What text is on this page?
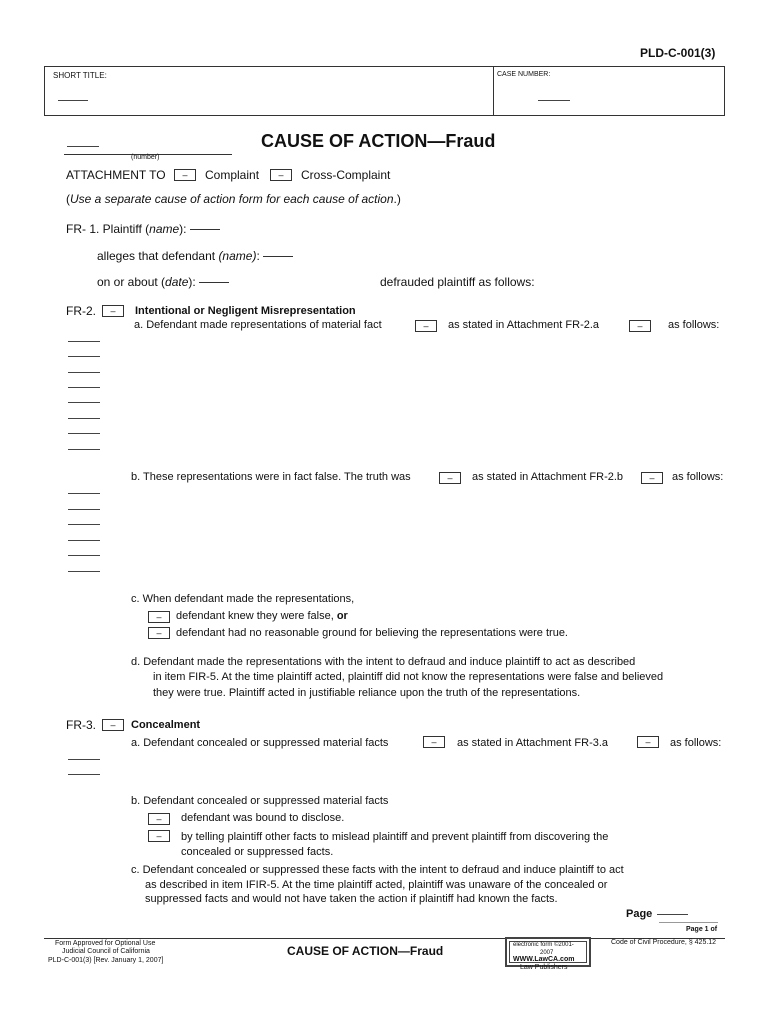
PLD-C-001(3)
SHORT TITLE:	CASE NUMBER:
(number)
CAUSE OF ACTION—Fraud
ATTACHMENT TO –	Complaint –	Cross-Complaint
(Use a separate cause of action form for each cause of action.)
FR- 1. Plaintiff (name):
alleges that defendant (name):
on or about (date):	defrauded plaintiff as follows:
FR-2. –	Intentional or Negligent Misrepresentation
a. Defendant made representations of material fact –	as stated in Attachment FR-2.a –	as follows:
b. These representations were in fact false. The truth was –	as stated in Attachment FR-2.b –	as follows:
c. When defendant made the representations,
–
defendant knew they were false, or
–
defendant had no reasonable ground for believing the representations were true.
d. Defendant made the representations with the intent to defraud and induce plaintiff to act as described
in item FIR-5. At the time plaintiff acted, plaintiff did not know the representations were false and believed
they were true. Plaintiff acted in justifiable reliance upon the truth of the representations.
FR-3. –	Concealment
a. Defendant concealed or suppressed material facts –	as stated in Attachment FR-3.a –	as follows:
b. Defendant concealed or suppressed material facts
–
defendant was bound to disclose.
–
by telling plaintiff other facts to mislead plaintiff and prevent plaintiff from discovering the
concealed or suppressed facts.
c. Defendant concealed or suppressed these facts with the intent to defraud and induce plaintiff to act
as described in item IFIR-5. At the time plaintiff acted, plaintiff was unaware of the concealed or
suppressed facts and would not have taken the action if plaintiff had known the facts.
Page
Page 1 of
Form Approved for Optional Use
Judicial Council of California
PLD-C-001(3) [Rev. January 1, 2007]
CAUSE OF ACTION—Fraud	electronic form ©2001-
2007
WWW.LawCA.com
Law Publishers
Code of Civil Procedure, § 425.12
